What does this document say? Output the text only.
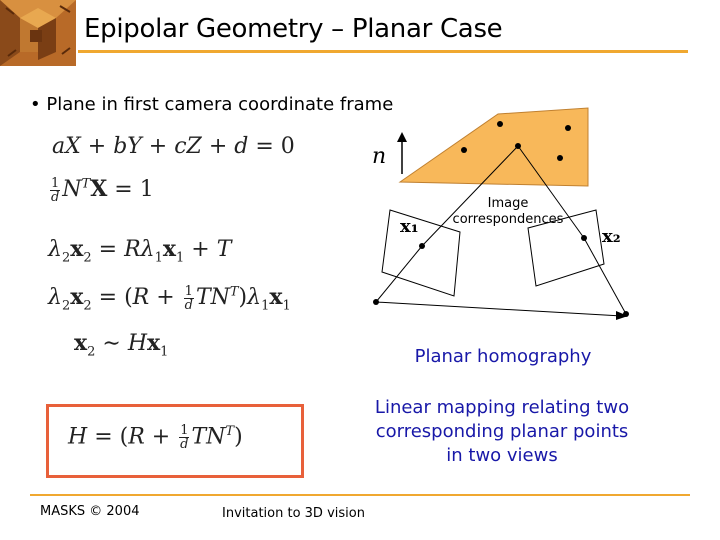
Epipolar Geometry – Planar Case
• Plane in first camera coordinate frame
aX + bY + cZ + d = 0
$\frac{1}{d} N^TX = 1$
$\lambda_2x_2 = R\lambda_1x_1 + T$
$\lambda_2x_2 = (R + \frac{1}{d} TN^T)\lambda_1x_1$
$x_2$ ∼ $Hx_1$
$H = (R + \frac{1}{d} TN^T)$
n
x₁	x₂
Image
correspondences
Planar homography
Linear mapping relating two
corresponding planar points
in two views
MASKS © 2004	Invitation to 3D vision
